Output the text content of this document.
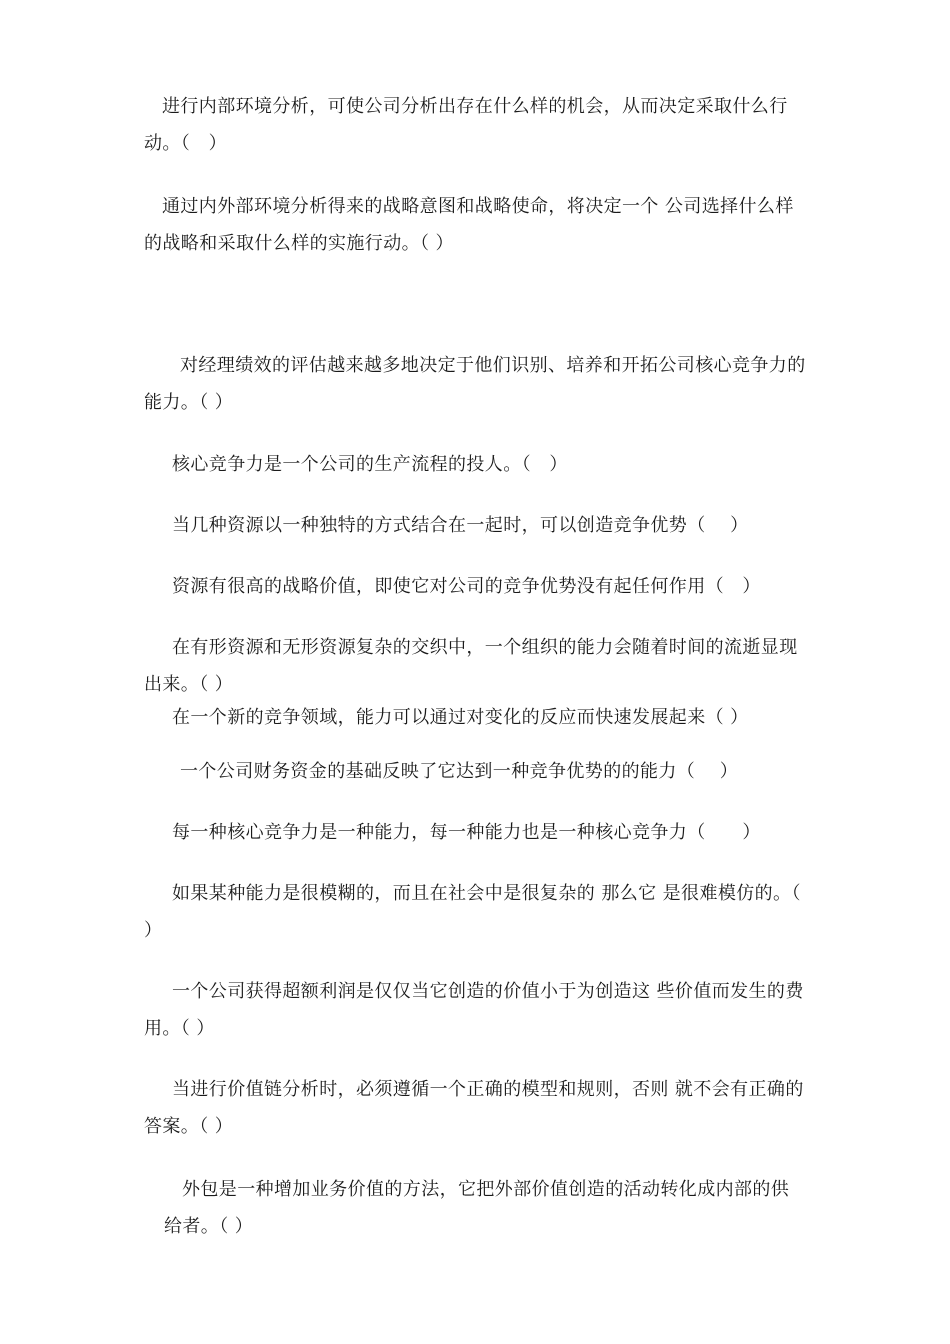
进行内部环境分析，可使公司分析出存在什么样的机会，从而决定采取什么行动。（　）

通过内外部环境分析得来的战略意图和战略使命，将决定一个 公司选择什么样的战略和采取什么样的实施行动。（ ）

对经理绩效的评估越来越多地决定于他们识别、培养和开拓公司核心竞争力的能力。（ ）

核心竞争力是一个公司的生产流程的投人。（　）

当几种资源以一种独特的方式结合在一起时，可以创造竞争优势（　 ）

资源有很高的战略价值，即使它对公司的竞争优势没有起任何作用（　）

在有形资源和无形资源复杂的交织中，一个组织的能力会随着时间的流逝显现出来。（ ）

在一个新的竞争领域，能力可以通过对变化的反应而快速发展起来（ ）

一个公司财务资金的基础反映了它达到一种竞争优势的的能力（　 ）

每一种核心竞争力是一种能力，每一种能力也是一种核心竞争力（　　）

如果某种能力是很模糊的，而且在社会中是很复杂的 那么它 是很难模仿的。（ ）

一个公司获得超额利润是仅仅当它创造的价值小于为创造这 些价值而发生的费用。（ ）

当进行价值链分析时，必须遵循一个正确的模型和规则，否则 就不会有正确的答案。（ ）

外包是一种增加业务价值的方法，它把外部价值创造的活动转化成内部的供给者。（ ）
